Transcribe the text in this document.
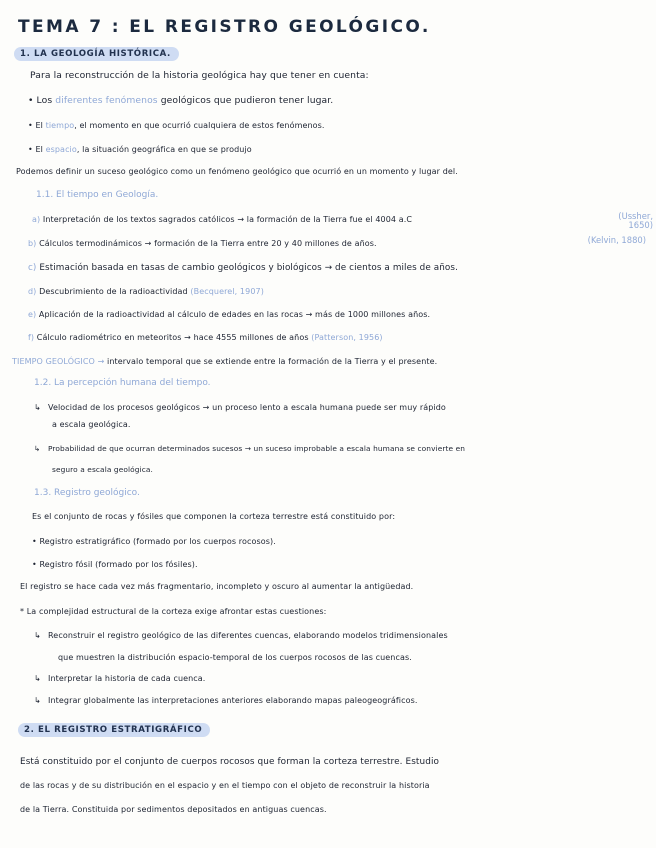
TEMA 7 : EL REGISTRO GEOLÓGICO.
1. LA GEOLOGÍA HISTÓRICA.
Para la reconstrucción de la historia geológica hay que tener en cuenta:
• Los diferentes fenómenos geológicos que pudieron tener lugar.
• El tiempo, el momento en que ocurrió cualquiera de estos fenómenos.
• El espacio, la situación geográfica en que se produjo
Podemos definir un suceso geológico como un fenómeno geológico que ocurrió en un momento y lugar del.
1.1. El tiempo en Geología.
a) Interpretación de los textos sagrados católicos → la formación de la Tierra fue el 4004 a.C	(Ussher, 1650)
b) Cálculos termodinámicos → formación de la Tierra entre 20 y 40 millones de años.	(Kelvin, 1880)
c) Estimación basada en tasas de cambio geológicos y biológicos → de cientos a miles de años.
d) Descubrimiento de la radioactividad (Becquerel, 1907)
e) Aplicación de la radioactividad al cálculo de edades en las rocas → más de 1000 millones años.
f) Cálculo radiométrico en meteoritos → hace 4555 millones de años (Patterson, 1956)
TIEMPO GEOLÓGICO → intervalo temporal que se extiende entre la formación de la Tierra y el presente.
1.2. La percepción humana del tiempo.
↳ Velocidad de los procesos geológicos → un proceso lento a escala humana puede ser muy rápido
a escala geológica.
↳ Probabilidad de que ocurran determinados sucesos → un suceso improbable a escala humana se convierte en
seguro a escala geológica.
1.3. Registro geológico.
Es el conjunto de rocas y fósiles que componen la corteza terrestre está constituido por:
• Registro estratigráfico (formado por los cuerpos rocosos).
• Registro fósil (formado por los fósiles).
El registro se hace cada vez más fragmentario, incompleto y oscuro al aumentar la antigüedad.
* La complejidad estructural de la corteza exige afrontar estas cuestiones:
↳ Reconstruir el registro geológico de las diferentes cuencas, elaborando modelos tridimensionales
que muestren la distribución espacio-temporal de los cuerpos rocosos de las cuencas.
↳ Interpretar la historia de cada cuenca.
↳ Integrar globalmente las interpretaciones anteriores elaborando mapas paleogeográficos.
2. EL REGISTRO ESTRATIGRÁFICO
Está constituido por el conjunto de cuerpos rocosos que forman la corteza terrestre. Estudio
de las rocas y de su distribución en el espacio y en el tiempo con el objeto de reconstruir la historia
de la Tierra. Constituida por sedimentos depositados en antiguas cuencas.
